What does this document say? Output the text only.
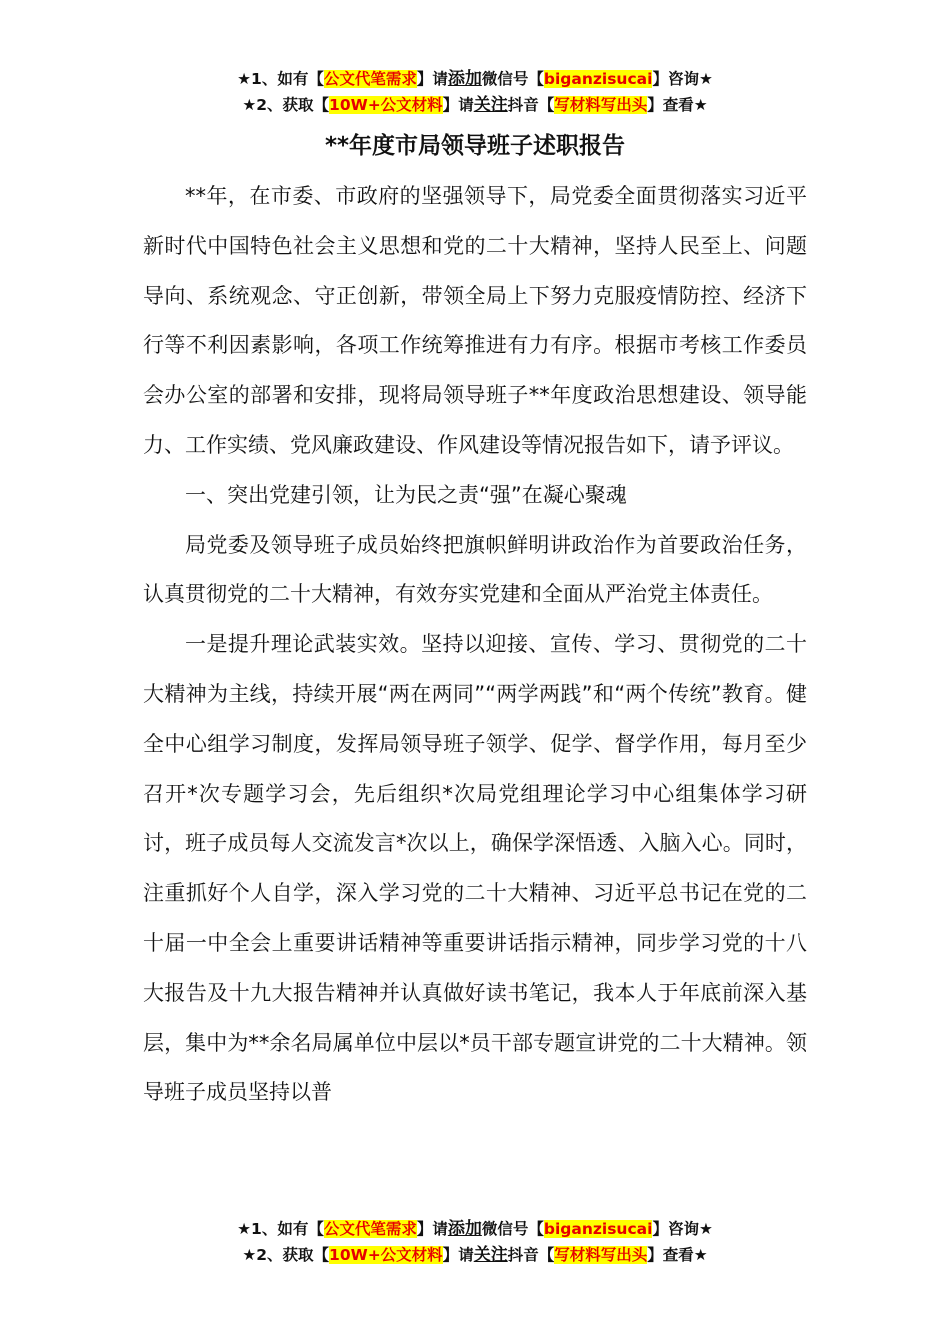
★1、如有【公文代笔需求】请添加微信号【biganzisucai】咨询★
★2、获取【10W+公文材料】请关注抖音【写材料写出头】查看★
**年度市局领导班子述职报告

**年，在市委、市政府的坚强领导下，局党委全面贯彻落实习近平新时代中国特色社会主义思想和党的二十大精神，坚持人民至上、问题导向、系统观念、守正创新，带领全局上下努力克服疫情防控、经济下行等不利因素影响，各项工作统筹推进有力有序。根据市考核工作委员会办公室的部署和安排，现将局领导班子**年度政治思想建设、领导能力、工作实绩、党风廉政建设、作风建设等情况报告如下，请予评议。

一、突出党建引领，让为民之责“强”在凝心聚魂

局党委及领导班子成员始终把旗帜鲜明讲政治作为首要政治任务，认真贯彻党的二十大精神，有效夯实党建和全面从严治党主体责任。

一是提升理论武装实效。坚持以迎接、宣传、学习、贯彻党的二十大精神为主线，持续开展“两在两同”“两学两践”和“两个传统”教育。健全中心组学习制度，发挥局领导班子领学、促学、督学作用，每月至少召开*次专题学习会，先后组织*次局党组理论学习中心组集体学习研讨，班子成员每人交流发言*次以上，确保学深悟透、入脑入心。同时，注重抓好个人自学，深入学习党的二十大精神、习近平总书记在党的二十届一中全会上重要讲话精神等重要讲话指示精神，同步学习党的十八大报告及十九大报告精神并认真做好读书笔记，我本人于年底前深入基层，集中为**余名局属单位中层以*员干部专题宣讲党的二十大精神。领导班子成员坚持以普

★1、如有【公文代笔需求】请添加微信号【biganzisucai】咨询★
★2、获取【10W+公文材料】请关注抖音【写材料写出头】查看★
